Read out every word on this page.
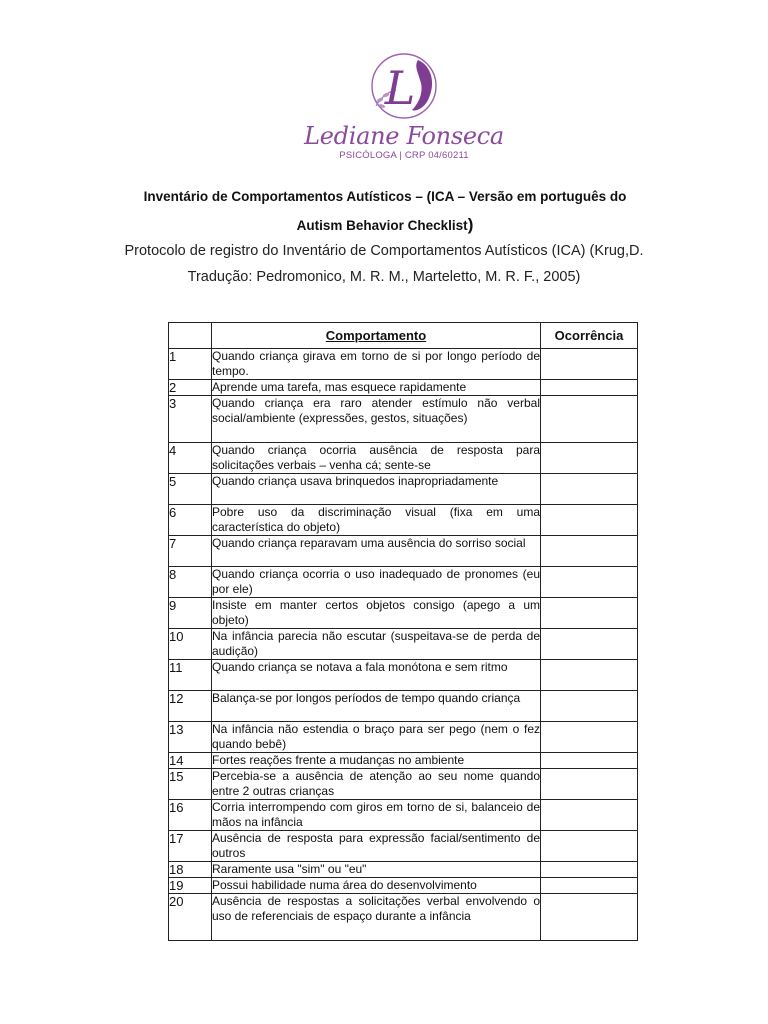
L
Lediane Fonseca
PSICÓLOGA | CRP 04/60211
Inventário de Comportamentos Autísticos – (ICA – Versão em português do
Autism Behavior Checklist)
Protocolo de registro do Inventário de Comportamentos Autísticos (ICA) (Krug,D.
Tradução: Pedromonico, M. R. M., Marteletto, M. R. F., 2005)
	Comportamento	Ocorrência
1	Quando criança girava em torno de si por longo período de tempo.	
2	Aprende uma tarefa, mas esquece rapidamente	
3	Quando criança era raro atender estímulo não verbal social/ambiente (expressões, gestos, situações)	
4	Quando criança ocorria ausência de resposta para solicitações verbais – venha cá; sente-se	
5	Quando criança usava brinquedos inapropriadamente	
6	Pobre uso da discriminação visual (fixa em uma característica do objeto)	
7	Quando criança reparavam uma ausência do sorriso social	
8	Quando criança ocorria o uso inadequado de pronomes (eu por ele)	
9	Insiste em manter certos objetos consigo (apego a um objeto)	
10	Na infância parecia não escutar (suspeitava-se de perda de audição)	
11	Quando criança se notava a fala monótona e sem ritmo	
12	Balança-se por longos períodos de tempo quando criança	
13	Na infância não estendia o braço para ser pego (nem o fez quando bebê)	
14	Fortes reações frente a mudanças no ambiente	
15	Percebia-se a ausência de atenção ao seu nome quando entre 2 outras crianças	
16	Corria interrompendo com giros em torno de si, balanceio de mãos na infância	
17	Ausência de resposta para expressão facial/sentimento de outros	
18	Raramente usa "sim" ou "eu"	
19	Possui habilidade numa área do desenvolvimento	
20	Ausência de respostas a solicitações verbal envolvendo o uso de referenciais de espaço durante a infância	
